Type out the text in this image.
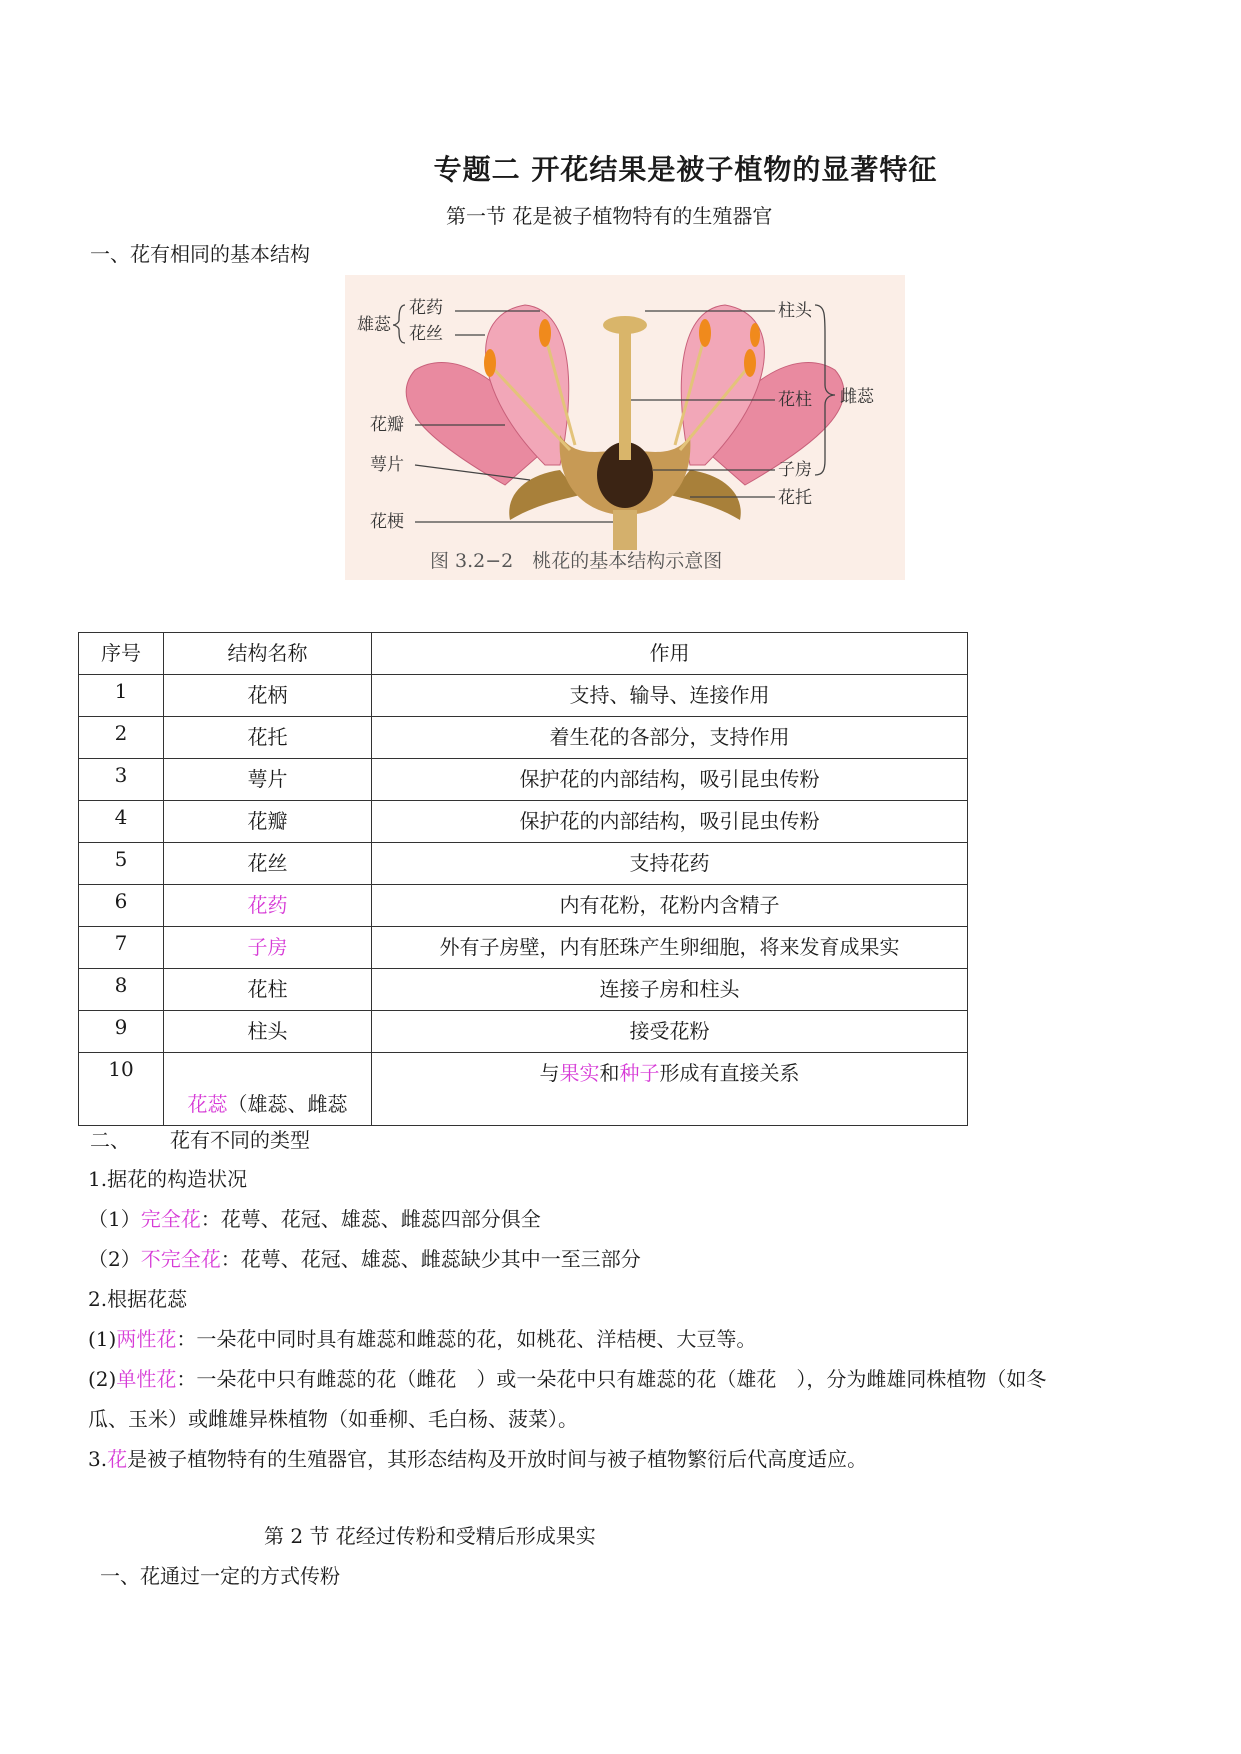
专题二 开花结果是被子植物的显著特征
第一节 花是被子植物特有的生殖器官
一、花有相同的基本结构
雄蕊
花药
花丝
花瓣
萼片
花梗
柱头
花柱 雌蕊
子房
花托
图 3.2−2　桃花的基本结构示意图
序号	结构名称	作用
1	花柄	支持、输导、连接作用
2	花托	着生花的各部分，支持作用
3	萼片	保护花的内部结构，吸引昆虫传粉
4	花瓣	保护花的内部结构，吸引昆虫传粉
5	花丝	支持花药
6	花药	内有花粉，花粉内含精子
7	子房	外有子房壁，内有胚珠产生卵细胞，将来发育成果实
8	花柱	连接子房和柱头
9	柱头	接受花粉
10	花蕊（雄蕊、雌蕊	与果实和种子形成有直接关系
二、 花有不同的类型
1.据花的构造状况
（1）完全花：花萼、花冠、雄蕊、雌蕊四部分俱全
（2）不完全花：花萼、花冠、雄蕊、雌蕊缺少其中一至三部分
2.根据花蕊
(1)两性花：一朵花中同时具有雄蕊和雌蕊的花，如桃花、洋桔梗、大豆等。
(2)单性花：一朵花中只有雌蕊的花（雌花　）或一朵花中只有雄蕊的花（雄花　），分为雌雄同株植物（如冬
瓜、玉米）或雌雄异株植物（如垂柳、毛白杨、菠菜）。
3.花是被子植物特有的生殖器官，其形态结构及开放时间与被子植物繁衍后代高度适应。
第 2 节 花经过传粉和受精后形成果实
一、花通过一定的方式传粉
